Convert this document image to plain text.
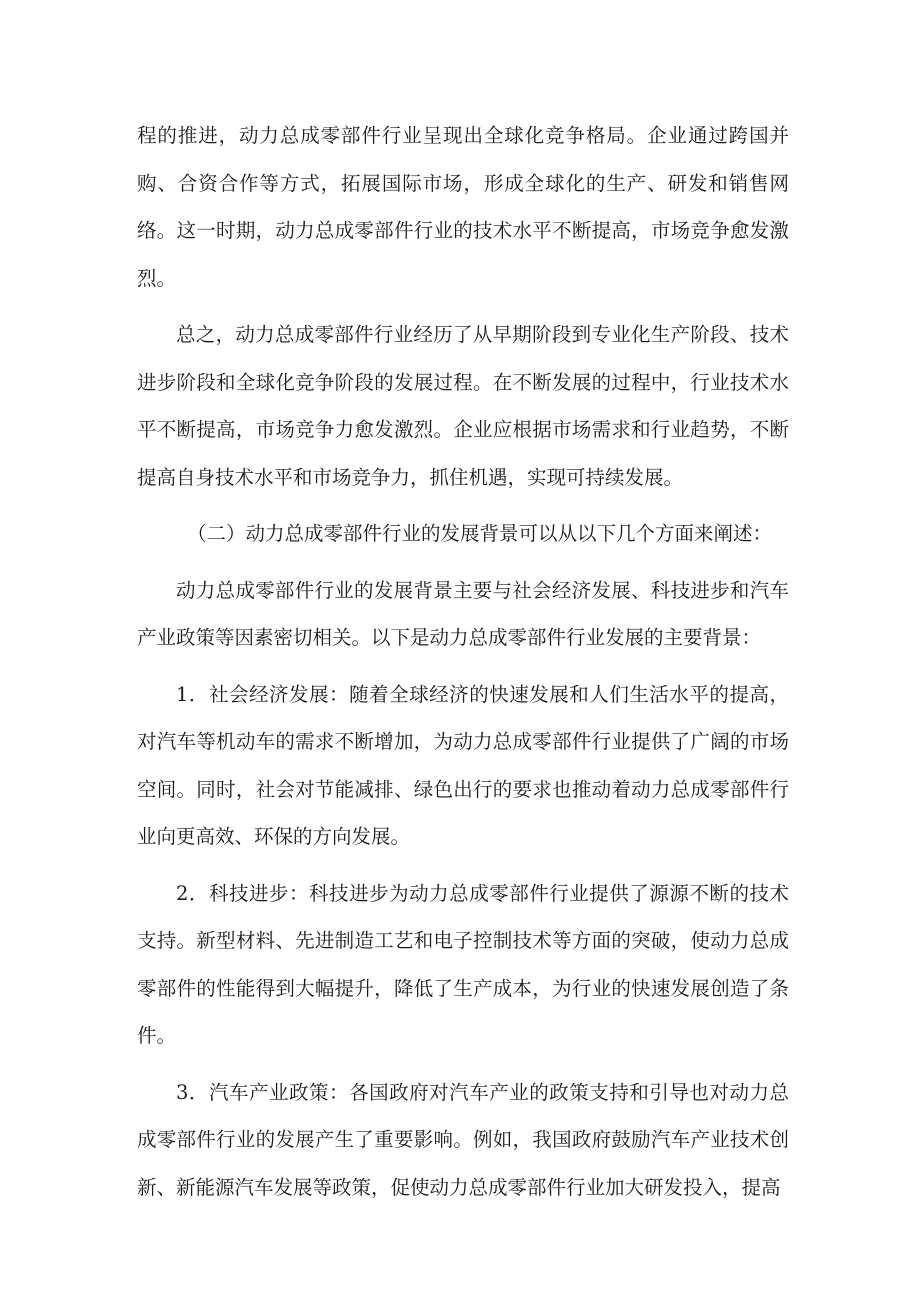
程的推进，动力总成零部件行业呈现出全球化竞争格局。企业通过跨国并购、合资合作等方式，拓展国际市场，形成全球化的生产、研发和销售网络。这一时期，动力总成零部件行业的技术水平不断提高，市场竞争愈发激烈。

总之，动力总成零部件行业经历了从早期阶段到专业化生产阶段、技术进步阶段和全球化竞争阶段的发展过程。在不断发展的过程中，行业技术水平不断提高，市场竞争力愈发激烈。企业应根据市场需求和行业趋势，不断提高自身技术水平和市场竞争力，抓住机遇，实现可持续发展。

（二）动力总成零部件行业的发展背景可以从以下几个方面来阐述：

动力总成零部件行业的发展背景主要与社会经济发展、科技进步和汽车产业政策等因素密切相关。以下是动力总成零部件行业发展的主要背景：

1．社会经济发展：随着全球经济的快速发展和人们生活水平的提高，对汽车等机动车的需求不断增加，为动力总成零部件行业提供了广阔的市场空间。同时，社会对节能减排、绿色出行的要求也推动着动力总成零部件行业向更高效、环保的方向发展。

2．科技进步：科技进步为动力总成零部件行业提供了源源不断的技术支持。新型材料、先进制造工艺和电子控制技术等方面的突破，使动力总成零部件的性能得到大幅提升，降低了生产成本，为行业的快速发展创造了条件。

3．汽车产业政策：各国政府对汽车产业的政策支持和引导也对动力总成零部件行业的发展产生了重要影响。例如，我国政府鼓励汽车产业技术创新、新能源汽车发展等政策，促使动力总成零部件行业加大研发投入，提高
